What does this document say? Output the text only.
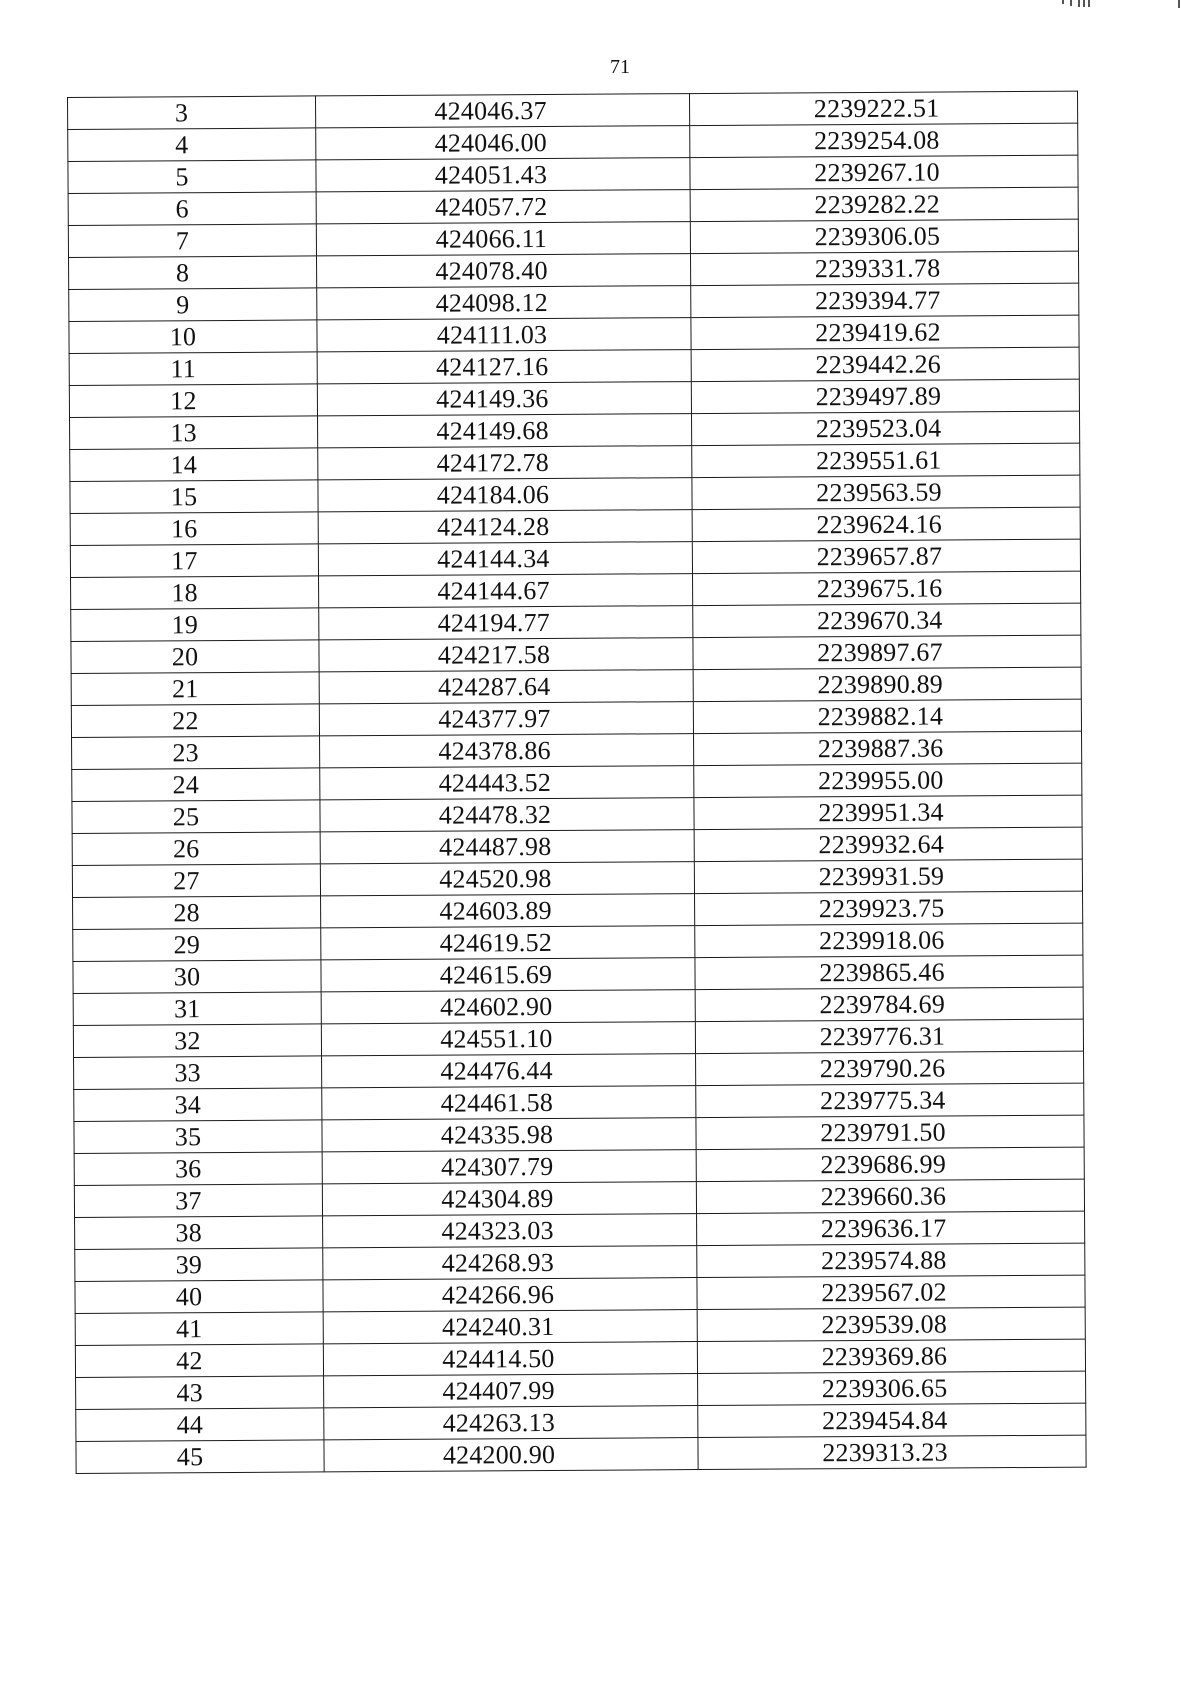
71
3	424046.37	2239222.51
4	424046.00	2239254.08
5	424051.43	2239267.10
6	424057.72	2239282.22
7	424066.11	2239306.05
8	424078.40	2239331.78
9	424098.12	2239394.77
10	424111.03	2239419.62
11	424127.16	2239442.26
12	424149.36	2239497.89
13	424149.68	2239523.04
14	424172.78	2239551.61
15	424184.06	2239563.59
16	424124.28	2239624.16
17	424144.34	2239657.87
18	424144.67	2239675.16
19	424194.77	2239670.34
20	424217.58	2239897.67
21	424287.64	2239890.89
22	424377.97	2239882.14
23	424378.86	2239887.36
24	424443.52	2239955.00
25	424478.32	2239951.34
26	424487.98	2239932.64
27	424520.98	2239931.59
28	424603.89	2239923.75
29	424619.52	2239918.06
30	424615.69	2239865.46
31	424602.90	2239784.69
32	424551.10	2239776.31
33	424476.44	2239790.26
34	424461.58	2239775.34
35	424335.98	2239791.50
36	424307.79	2239686.99
37	424304.89	2239660.36
38	424323.03	2239636.17
39	424268.93	2239574.88
40	424266.96	2239567.02
41	424240.31	2239539.08
42	424414.50	2239369.86
43	424407.99	2239306.65
44	424263.13	2239454.84
45	424200.90	2239313.23
